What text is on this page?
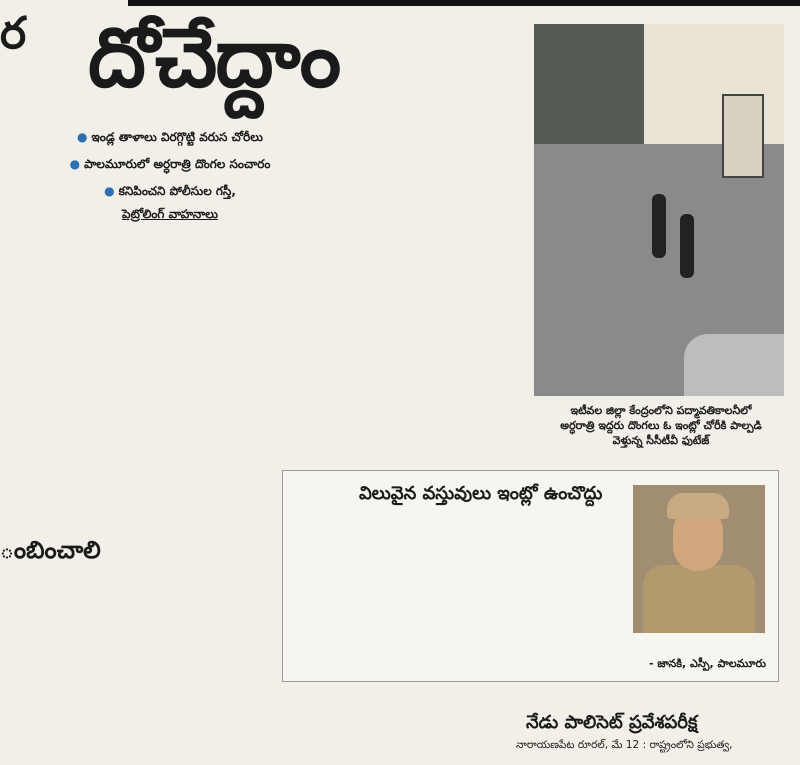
ర దోచేద్దాం
ఇటీవల జిల్లా కేంద్రంలోని పద్మావతికాలనీలో అర్ధరాత్రి ఇద్దరు దొంగలు ఓ ఇంట్లో చోరీకి పాల్పడి వెళ్తున్న సీసీటీవీ ఫుటేజ్
● ఇండ్ల తాళాలు విరగ్గొట్టి వరుస చోరీలు
● పాలమూరులో అర్ధరాత్రి దొంగల సంచారం
● కనిపించని పోలీసుల గస్తీ,
పెట్రోలింగ్ వాహనాలు
ంబించాలి
విలువైన వస్తువులు ఇంట్లో ఉంచొద్దు
- జానకి, ఎస్పీ, పాలమూరు
నేడు పాలిసెట్ ప్రవేశపరీక్ష
నారాయణపేట రూరల్, మే 12 : రాష్ట్రంలోని ప్రభుత్వ,
